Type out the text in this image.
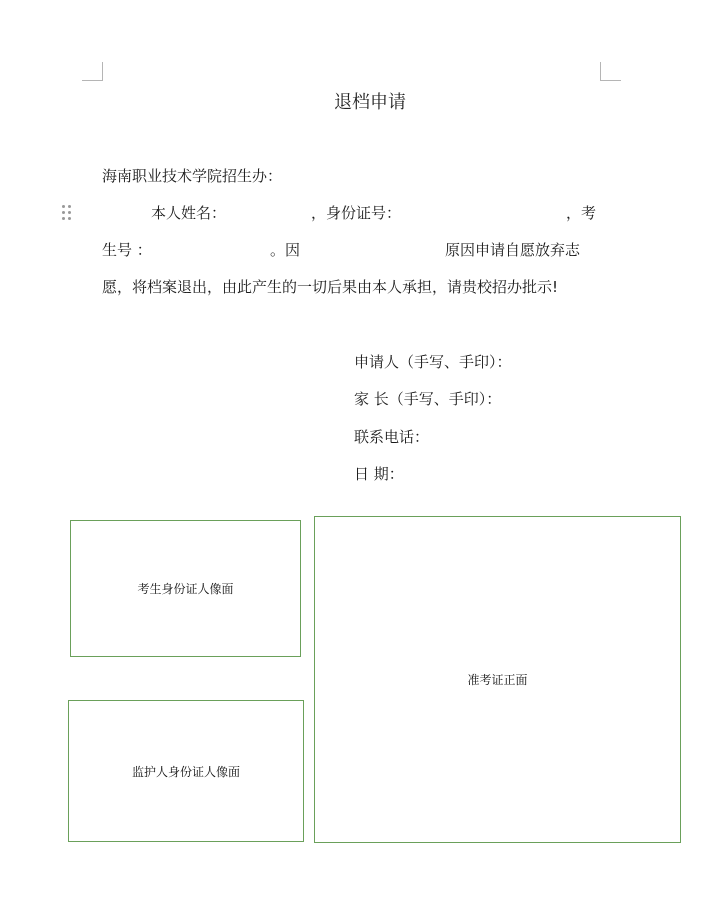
退档申请
海南职业技术学院招生办：
本人姓名：	，身份证号：	，考
生号 ：	。因	原因申请自愿放弃志
愿，将档案退出，由此产生的一切后果由本人承担，请贵校招办批示!
申请人（手写、手印）：
家 长（手写、手印）：
联系电话：
日 期：
考生身份证人像面
监护人身份证人像面
准考证正面
